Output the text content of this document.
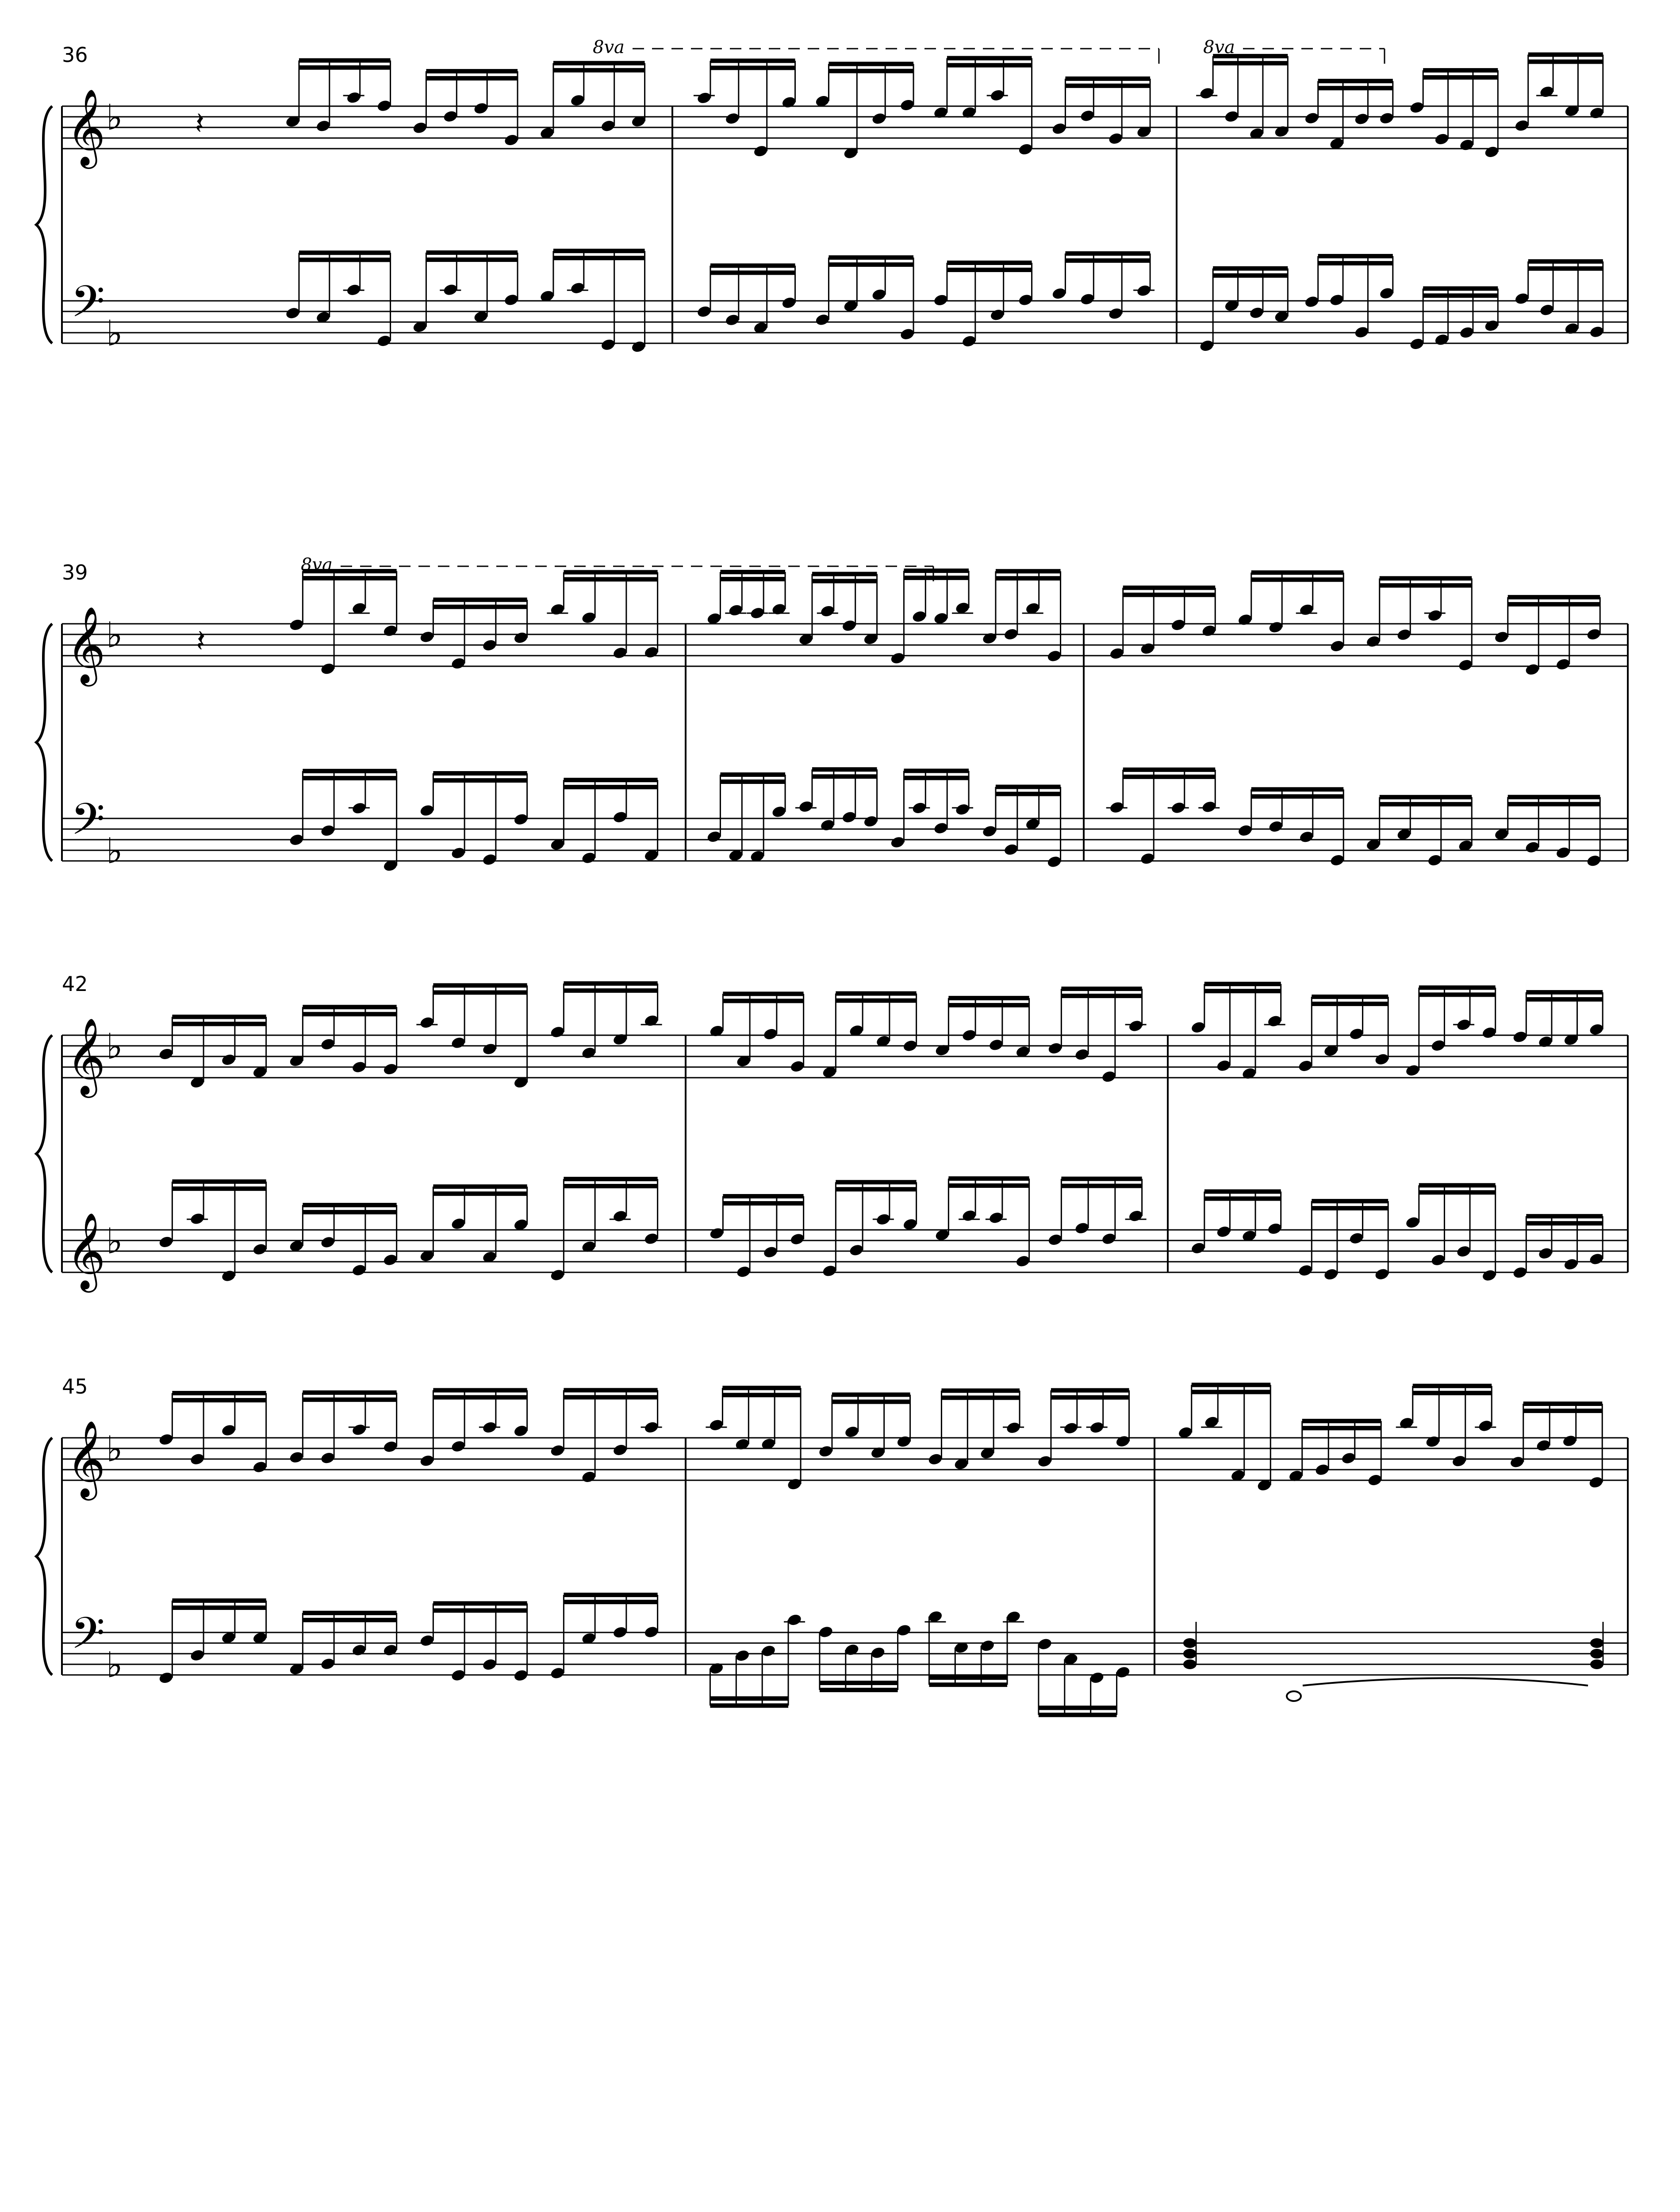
36
𝄞 ♭
𝄢 ♭
𝄽
8va	8va
39
𝄞 ♭
𝄢 ♭
𝄽
8va
42
𝄞 ♭
𝄞 ♭
45
𝄞 ♭
𝄢 ♭
